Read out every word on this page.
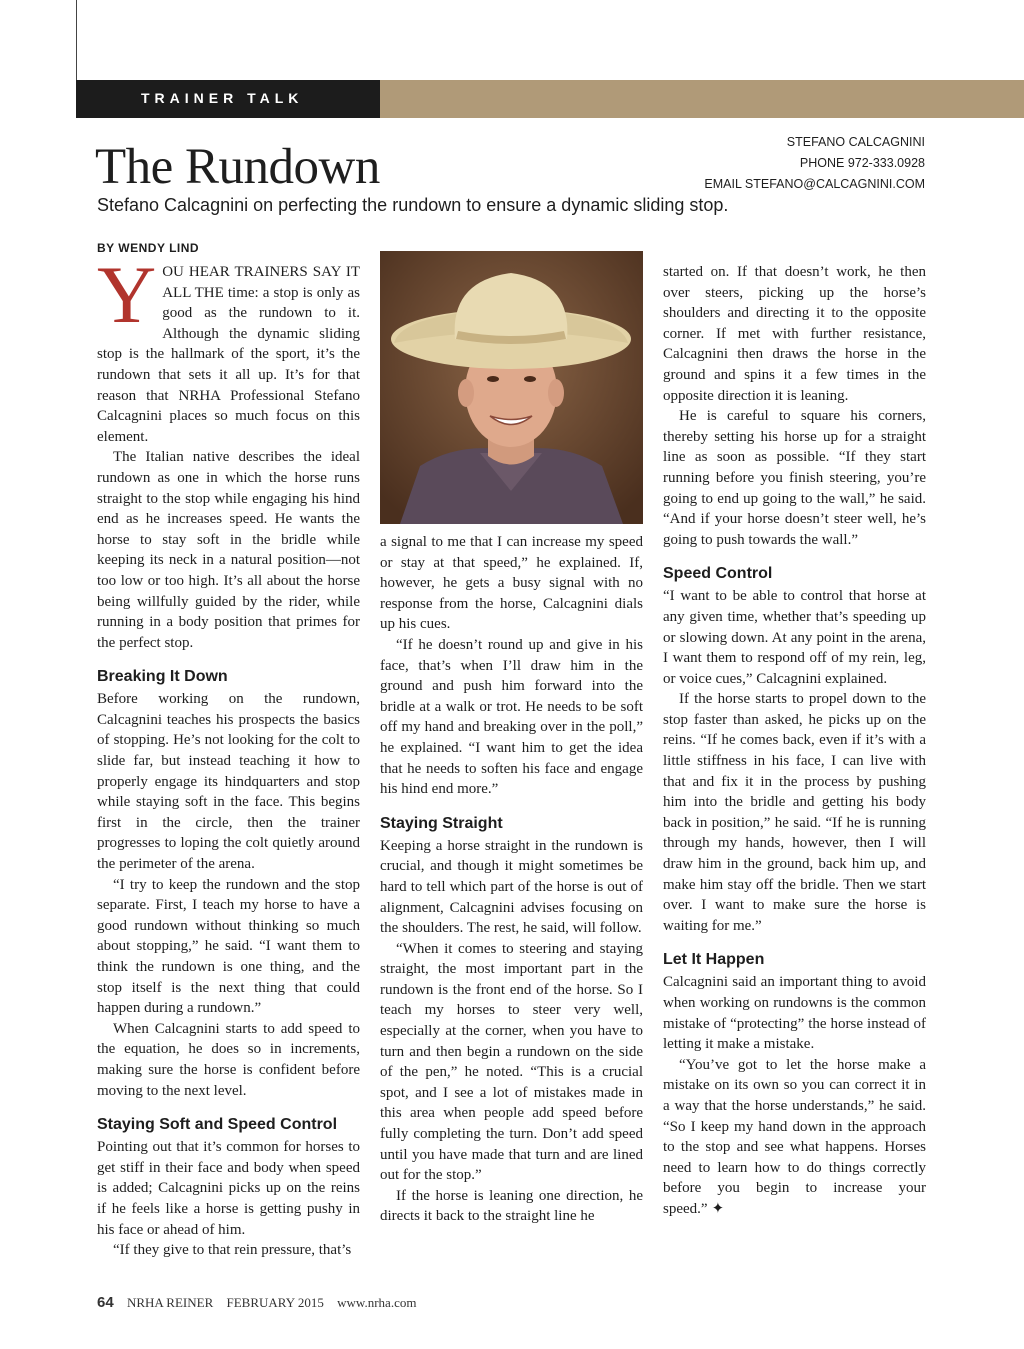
TRAINER TALK
The Rundown
Stefano Calcagnini on perfecting the rundown to ensure a dynamic sliding stop.
STEFANO CALCAGNINI
PHONE 972-333.0928
EMAIL STEFANO@CALCAGNINI.COM
BY WENDY LIND

YOU HEAR TRAINERS SAY IT ALL THE time: a stop is only as good as the rundown to it. Although the dynamic sliding stop is the hallmark of the sport, it’s the rundown that sets it all up. It’s for that reason that NRHA Professional Stefano Calcagnini places so much focus on this element.

The Italian native describes the ideal rundown as one in which the horse runs straight to the stop while engaging his hind end as he increases speed. He wants the horse to stay soft in the bridle while keeping its neck in a natural position—not too low or too high. It’s all about the horse being willfully guided by the rider, while running in a body position that primes for the perfect stop.

Breaking It Down

Before working on the rundown, Calcagnini teaches his prospects the basics of stopping. He’s not looking for the colt to slide far, but instead teaching it how to properly engage its hindquarters and stop while staying soft in the face. This begins first in the circle, then the trainer progresses to loping the colt quietly around the perimeter of the arena.

“I try to keep the rundown and the stop separate. First, I teach my horse to have a good rundown without thinking so much about stopping,” he said. “I want them to think the rundown is one thing, and the stop itself is the next thing that could happen during a rundown.”

When Calcagnini starts to add speed to the equation, he does so in increments, making sure the horse is confident before moving to the next level.

Staying Soft and Speed Control

Pointing out that it’s common for horses to get stiff in their face and body when speed is added; Calcagnini picks up on the reins if he feels like a horse is getting pushy in his face or ahead of him.

“If they give to that rein pressure, that’s

a signal to me that I can increase my speed or stay at that speed,” he explained. If, however, he gets a busy signal with no response from the horse, Calcagnini dials up his cues.

“If he doesn’t round up and give in his face, that’s when I’ll draw him in the ground and push him forward into the bridle at a walk or trot. He needs to be soft off my hand and breaking over in the poll,” he explained. “I want him to get the idea that he needs to soften his face and engage his hind end more.”

Staying Straight

Keeping a horse straight in the rundown is crucial, and though it might sometimes be hard to tell which part of the horse is out of alignment, Calcagnini advises focusing on the shoulders. The rest, he said, will follow.

“When it comes to steering and staying straight, the most important part in the rundown is the front end of the horse. So I teach my horses to steer very well, especially at the corner, when you have to turn and then begin a rundown on the side of the pen,” he noted. “This is a crucial spot, and I see a lot of mistakes made in this area when people add speed before fully completing the turn. Don’t add speed until you have made that turn and are lined out for the stop.”

If the horse is leaning one direction, he directs it back to the straight line he

started on. If that doesn’t work, he then over steers, picking up the horse’s shoulders and directing it to the opposite corner. If met with further resistance, Calcagnini then draws the horse in the ground and spins it a few times in the opposite direction it is leaning.

He is careful to square his corners, thereby setting his horse up for a straight line as soon as possible. “If they start running before you finish steering, you’re going to end up going to the wall,” he said. “And if your horse doesn’t steer well, he’s going to push towards the wall.”

Speed Control

“I want to be able to control that horse at any given time, whether that’s speeding up or slowing down. At any point in the arena, I want them to respond off of my rein, leg, or voice cues,” Calcagnini explained.

If the horse starts to propel down to the stop faster than asked, he picks up on the reins. “If he comes back, even if it’s with a little stiffness in his face, I can live with that and fix it in the process by pushing him into the bridle and getting his body back in position,” he said. “If he is running through my hands, however, then I will draw him in the ground, back him up, and make him stay off the bridle. Then we start over. I want to make sure the horse is waiting for me.”

Let It Happen

Calcagnini said an important thing to avoid when working on rundowns is the common mistake of “protecting” the horse instead of letting it make a mistake.

“You’ve got to let the horse make a mistake on its own so you can correct it in a way that the horse understands,” he said. “So I keep my hand down in the approach to the stop and see what happens. Horses need to learn how to do things correctly before you begin to increase your speed.” ✦

64 NRHA REINER FEBRUARY 2015 www.nrha.com
